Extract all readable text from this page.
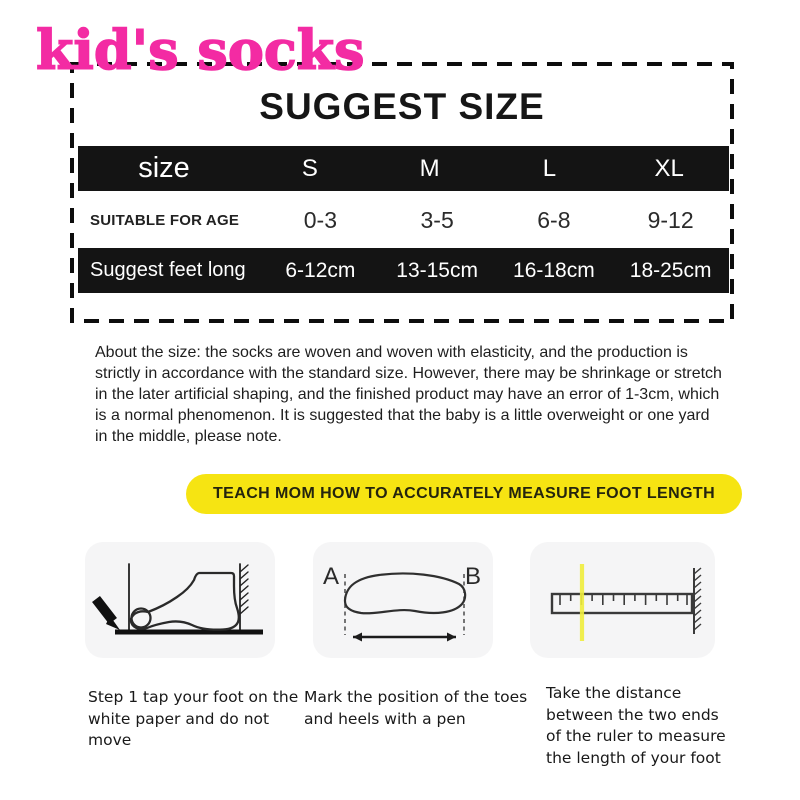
kid's socks
SUGGEST SIZE
size	S	M	L	XL
SUITABLE FOR AGE	0-3	3-5	6-8	9-12
Suggest feet long	6-12cm	13-15cm	16-18cm	18-25cm
About the size: the socks are woven and woven with elasticity, and the production is strictly in accordance with the standard size. However, there may be shrinkage or stretch in the later artificial shaping, and the finished product may have an error of 1-3cm, which is a normal phenomenon. It is suggested that the baby is a little overweight or one yard in the middle, please note.
TEACH MOM HOW TO ACCURATELY MEASURE FOOT LENGTH
A	B
Step 1 tap your foot on the white paper and do not move
Mark the position of the toes and heels with a pen
Take the distance between the two ends of the ruler to measure the length of your foot
